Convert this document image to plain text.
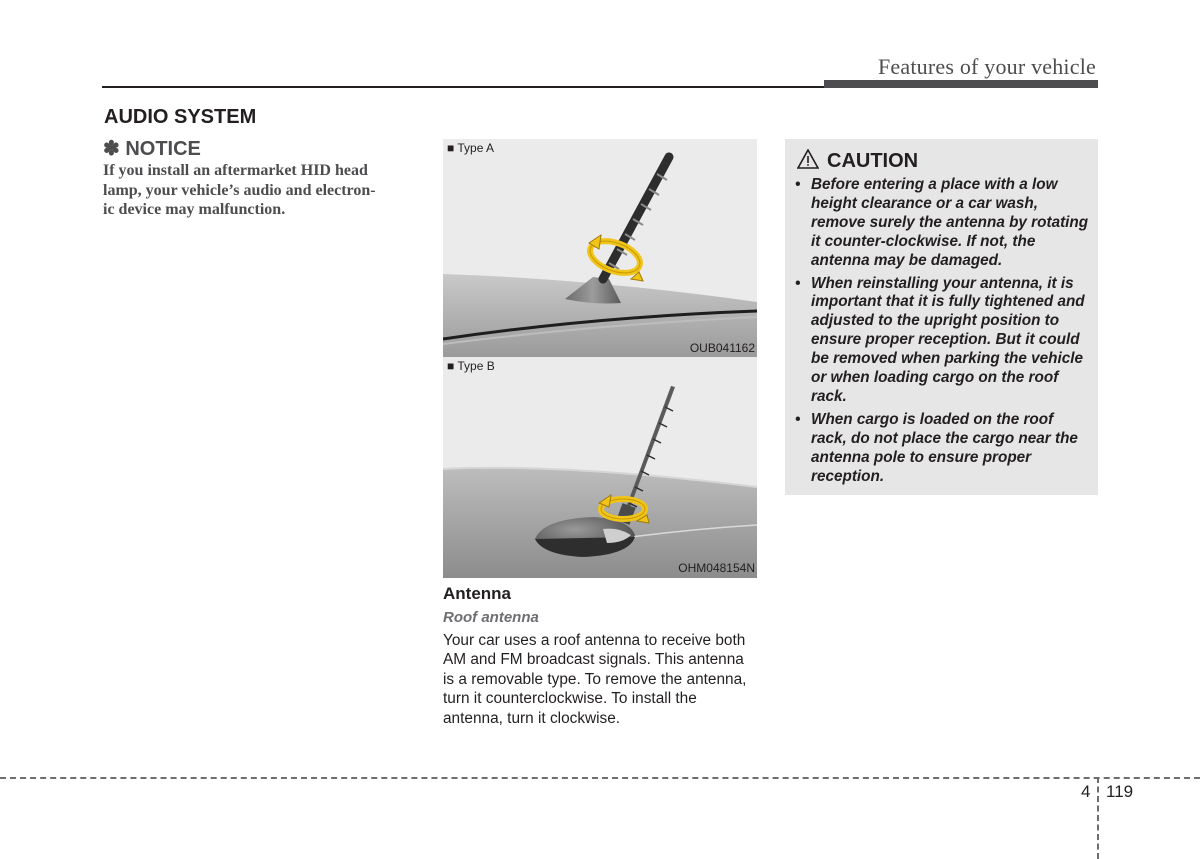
Features of your vehicle
AUDIO SYSTEM
✽ NOTICE
If you install an aftermarket HID head
lamp, your vehicle’s audio and electron-
ic device may malfunction.
■ Type A
OUB041162
■ Type B
OHM048154N
Antenna
Roof antenna
Your car uses a roof antenna to receive both AM and FM broadcast signals. This antenna is a removable type. To remove the antenna, turn it counterclockwise. To install the antenna, turn it clockwise.
CAUTION
• Before entering a place with a low height clearance or a car wash, remove surely the antenna by rotating it counter-clockwise. If not, the antenna may be damaged.
• When reinstalling your antenna, it is important that it is fully tightened and adjusted to the upright position to ensure proper reception. But it could be removed when parking the vehicle or when loading cargo on the roof rack.
• When cargo is loaded on the roof rack, do not place the cargo near the antenna pole to ensure proper reception.
4 119
